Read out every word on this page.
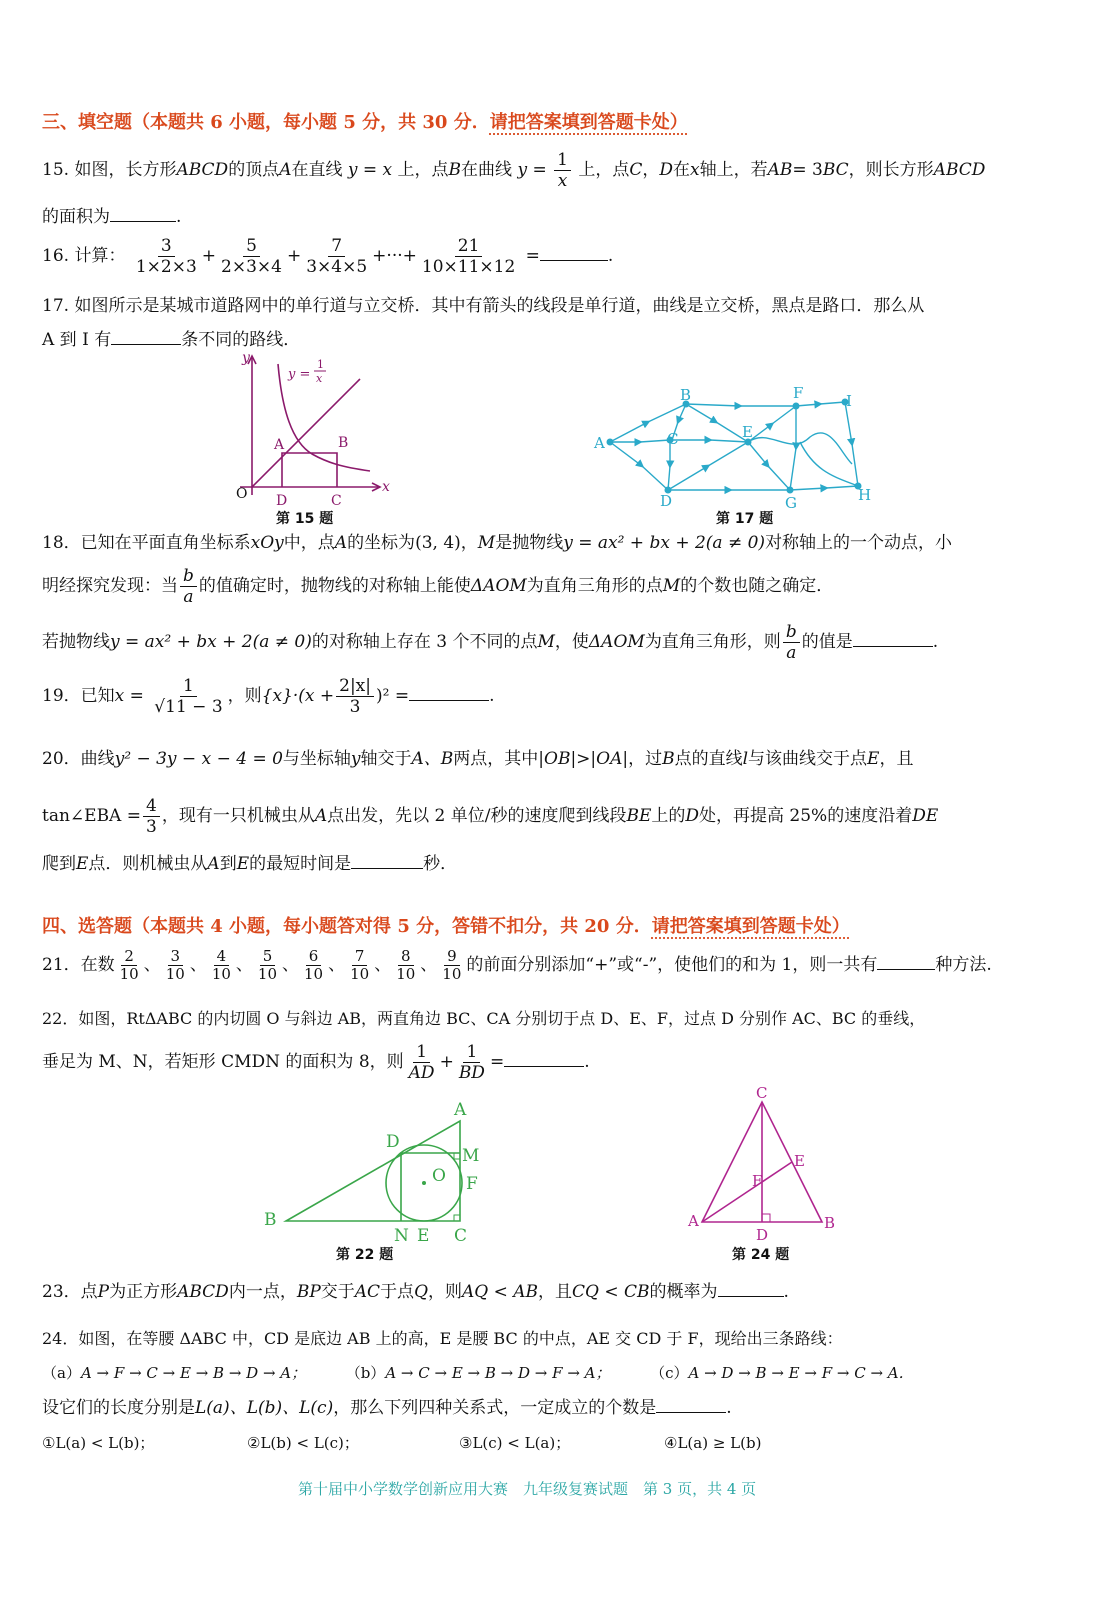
三、填空题（本题共 6 小题，每小题 5 分，共 30 分．请把答案填到答题卡处）
15. 如图，长方形ABCD的顶点A在直线 y = x 上，点B在曲线 $y = \frac{1}{x}$ 上，点C，D在x轴上，若AB= 3BC，则长方形ABCD
的面积为	.
16. 计算： $\frac{3}{1\times 2\times 3} + \frac{5}{2\times 3\times 4} + \frac{7}{3\times 4\times 5}$ +···+ $\frac{21}{10\times 11\times 12}$ =	.
17. 如图所示是某城市道路网中的单行道与立交桥．其中有箭头的线段是单行道，曲线是立交桥，黑点是路口．那么从
A 到 I 有	条不同的路线．
y
x
y =
1
x
O
A	B
C
D
第 15 题
A
B
C
D
E
F
G	H
I
第 17 题
18．已知在平面直角坐标系xOy中，点A的坐标为(3, 4)，M是抛物线y = ax² + bx + 2(a ≠ 0)对称轴上的一个动点，小
明经探究发现：当 $\frac{b}{a}$ 的值确定时，抛物线的对称轴上能使ΔAOM为直角三角形的点M的个数也随之确定．
若抛物线y = ax² + bx + 2(a ≠ 0)的对称轴上存在 3 个不同的点M，使ΔAOM为直角三角形，则 $\frac{b}{a}$ 的值是	.
19．已知$x = \frac{1}{√11 - 3}$ ，则$\{x\}\cdot(x + \frac{2|x|}{3} )^2$ =	.
20．曲线y² − 3y − x − 4 = 0与坐标轴y轴交于A、B两点，其中|OB|>|OA|，过B点的直线l与该曲线交于点E，且
tan∠EBA = $\frac{4}{3}$ ，现有一只机械虫从A点出发，先以 2 单位/秒的速度爬到线段BE上的D处，再提高 25%的速度沿着DE
爬到E点．则机械虫从A到E的最短时间是	秒．
四、选答题（本题共 4 小题，每小题答对得 5 分，答错不扣分，共 20 分．请把答案填到答题卡处）
21．在数 $\frac{2}{10}$ 、 $\frac{3}{10}$ 、 $\frac{4}{10}$ 、 $\frac{5}{10}$ 、 $\frac{6}{10}$ 、 $\frac{7}{10}$ 、 $\frac{8}{10}$ 、 $\frac{9}{10}$ 的前面分别添加“+”或“-”，使他们的和为 1，则一共有	种方法.
22．如图，RtΔABC 的内切圆 O 与斜边 AB，两直角边 BC、CA 分别切于点 D、E、F，过点 D 分别作 AC、BC 的垂线，
垂足为 M、N，若矩形 CMDN 的面积为 8，则 $\frac{1}{AD} + \frac{1}{BD}$ =	.
A
B
C
D
E
F
M
N
O
第 22 题
A	B
C
D
E
F
第 24 题
23．点P为正方形ABCD内一点，BP交于AC于点Q，则AQ < AB，且CQ < CB的概率为	.
24．如图，在等腰 ΔABC 中，CD 是底边 AB 上的高，E 是腰 BC 的中点，AE 交 CD 于 F，现给出三条路线：
（a）A → F → C → E → B → D → A；	（b）A → C → E → B → D → F → A；	（c）A → D → B → E → F → C → A．
设它们的长度分别是L(a)、L(b)、L(c)，那么下列四种关系式，一定成立的个数是	.
①L(a) < L(b)；	②L(b) < L(c)；	③L(c) < L(a)；	④L(a) ≥ L(b)
第十届中小学数学创新应用大赛　九年级复赛试题　第 3 页，共 4 页
